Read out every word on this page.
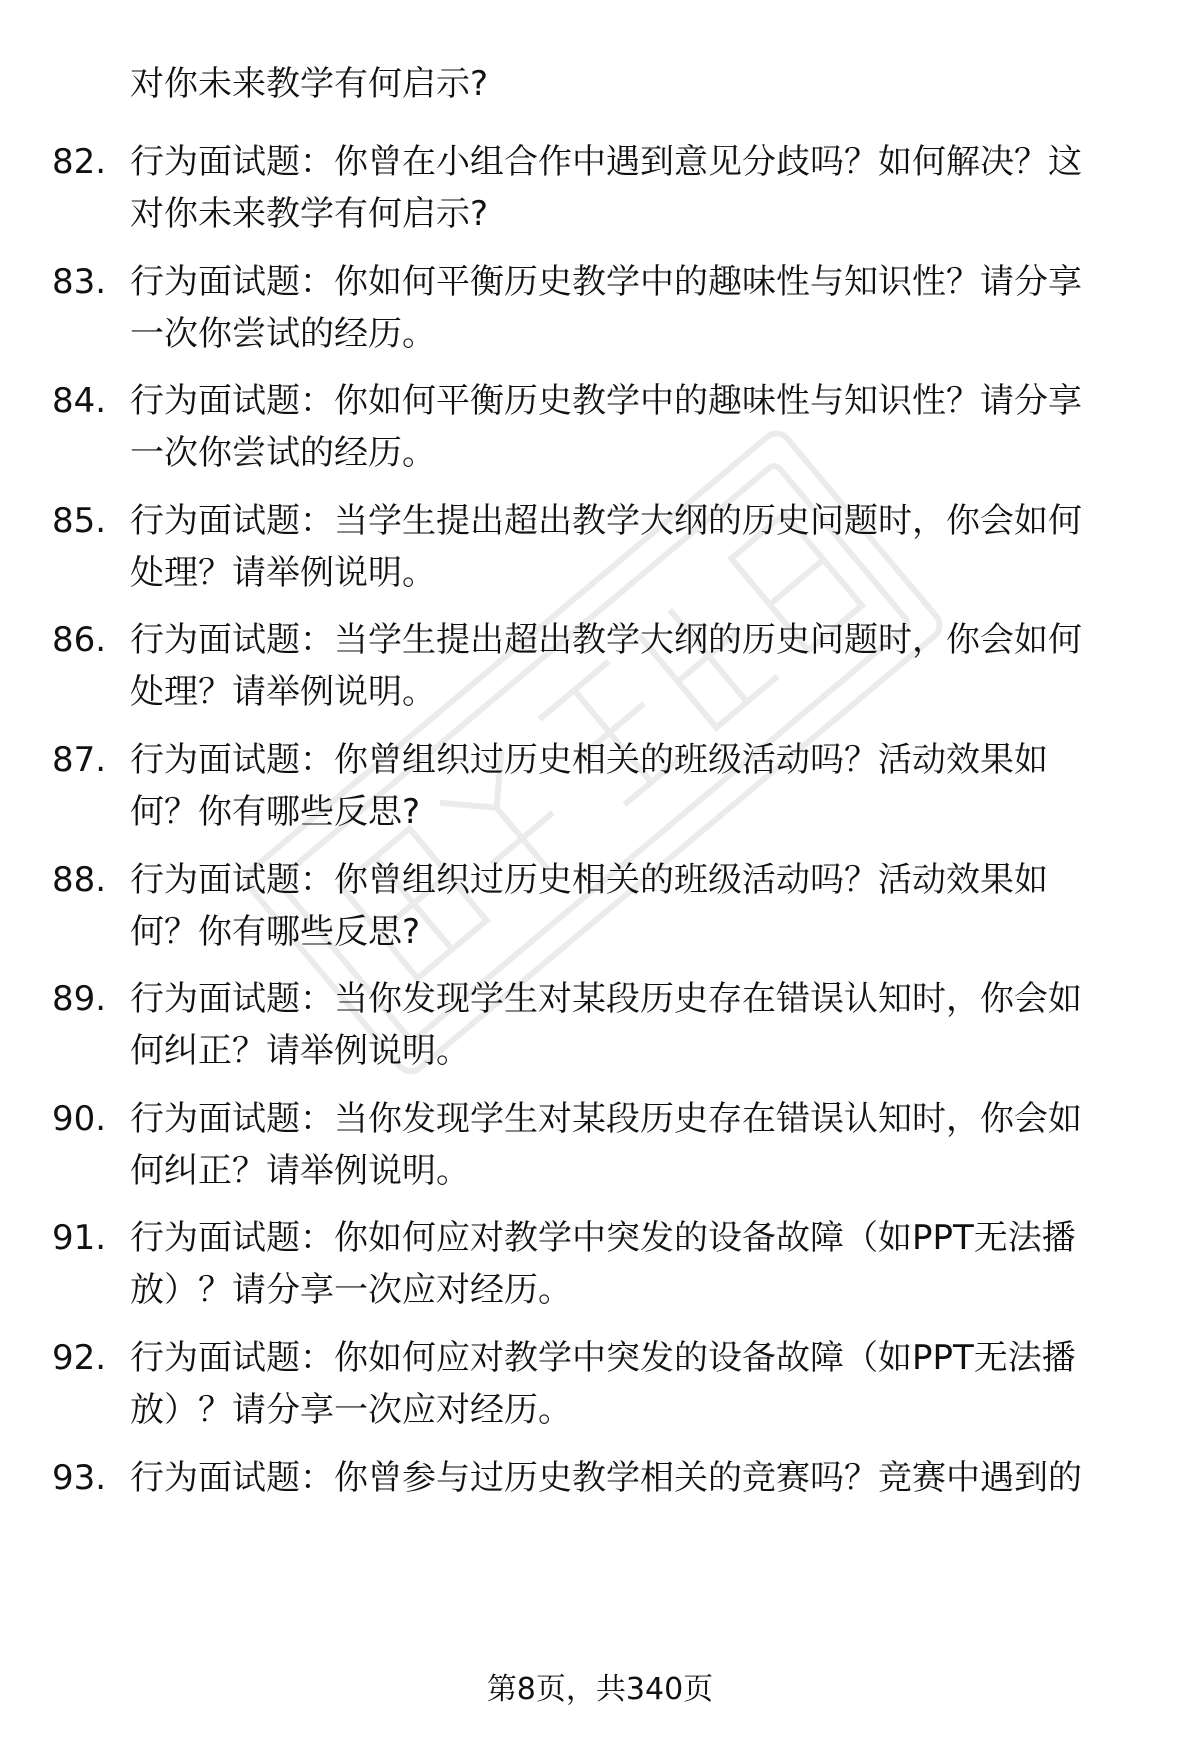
对你未来教学有何启示?
82. 行为面试题：你曾在小组合作中遇到意见分歧吗？如何解决？这
对你未来教学有何启示?
83. 行为面试题：你如何平衡历史教学中的趣味性与知识性？请分享
一次你尝试的经历。
84. 行为面试题：你如何平衡历史教学中的趣味性与知识性？请分享
一次你尝试的经历。
85. 行为面试题：当学生提出超出教学大纲的历史问题时，你会如何
处理？请举例说明。
86. 行为面试题：当学生提出超出教学大纲的历史问题时，你会如何
处理？请举例说明。
87. 行为面试题：你曾组织过历史相关的班级活动吗？活动效果如
何？你有哪些反思?
88. 行为面试题：你曾组织过历史相关的班级活动吗？活动效果如
何？你有哪些反思?
89. 行为面试题：当你发现学生对某段历史存在错误认知时，你会如
何纠正？请举例说明。
90. 行为面试题：当你发现学生对某段历史存在错误认知时，你会如
何纠正？请举例说明。
91. 行为面试题：你如何应对教学中突发的设备故障（如PPT无法播
放）？请分享一次应对经历。
92. 行为面试题：你如何应对教学中突发的设备故障（如PPT无法播
放）？请分享一次应对经历。
93. 行为面试题：你曾参与过历史教学相关的竞赛吗？竞赛中遇到的
第8页，共340页
